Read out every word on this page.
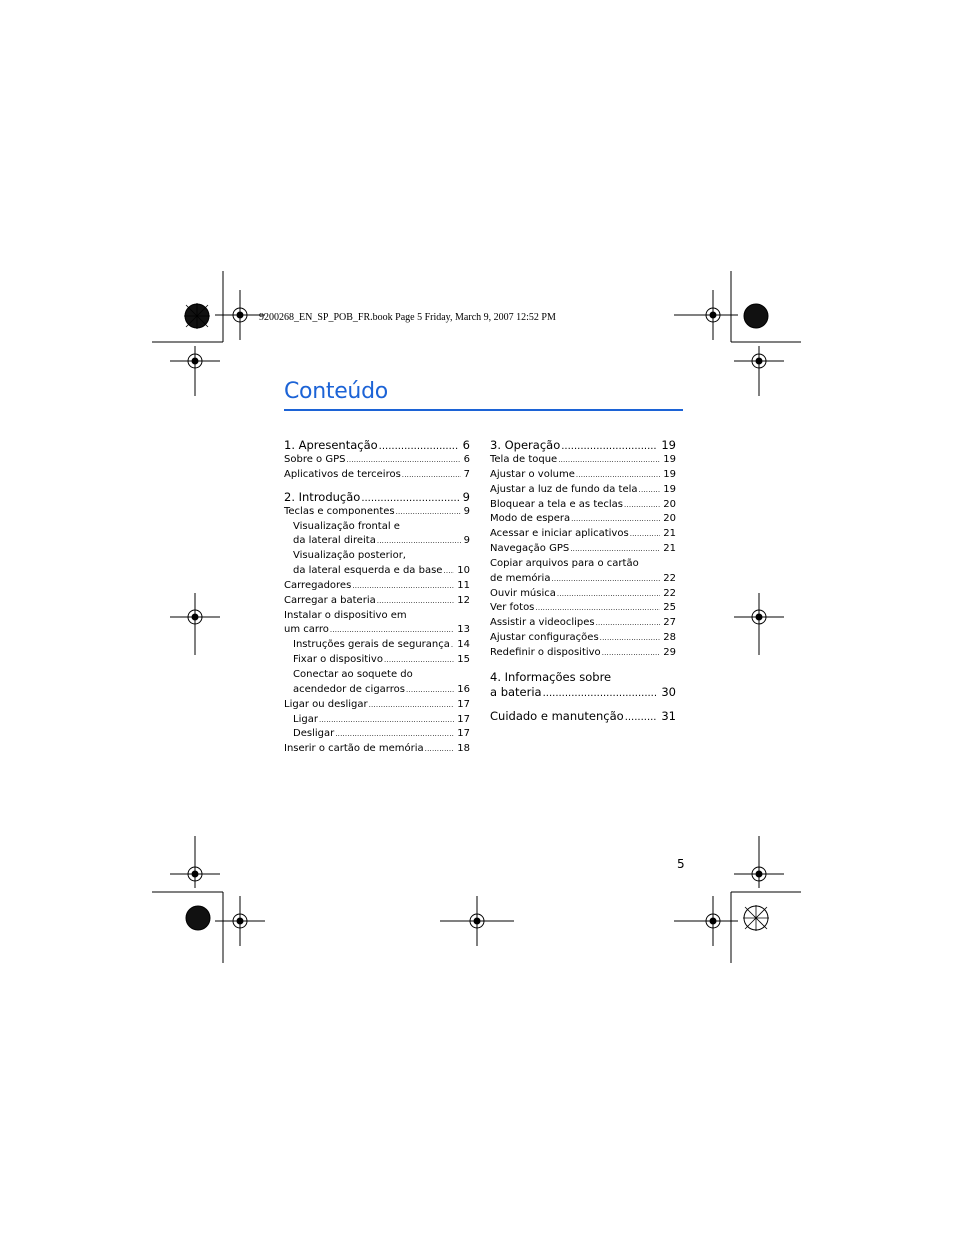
9200268_EN_SP_POB_FR.book Page 5 Friday, March 9, 2007 12:52 PM
Conteúdo
1. Apresentação .....	6
Sobre o GPS .....	6
Aplicativos de terceiros .....	7
2. Introdução .....	9
Teclas e componentes .....	9
Visualização frontal e
da lateral direita .....	9
Visualização posterior,
da lateral esquerda e da base ..... 10
Carregadores .....	11
Carregar a bateria .....	12
Instalar o dispositivo em
um carro .....	13
Instruções gerais de segurança ..... 14
Fixar o dispositivo .....	15
Conectar ao soquete do
acendedor de cigarros .....	16
Ligar ou desligar .....	17
Ligar .....	17
Desligar .....	17
Inserir o cartão de memória .....	18
3. Operação .....	19
Tela de toque .....	19
Ajustar o volume .....	19
Ajustar a luz de fundo da tela .....	19
Bloquear a tela e as teclas .....	20
Modo de espera .....	20
Acessar e iniciar aplicativos .....	21
Navegação GPS .....	21
Copiar arquivos para o cartão
de memória .....	22
Ouvir música .....	22
Ver fotos .....	25
Assistir a videoclipes .....	27
Ajustar configurações .....	28
Redefinir o dispositivo .....	29
4. Informações sobre
a bateria .....	30
Cuidado e manutenção .....	31
5
